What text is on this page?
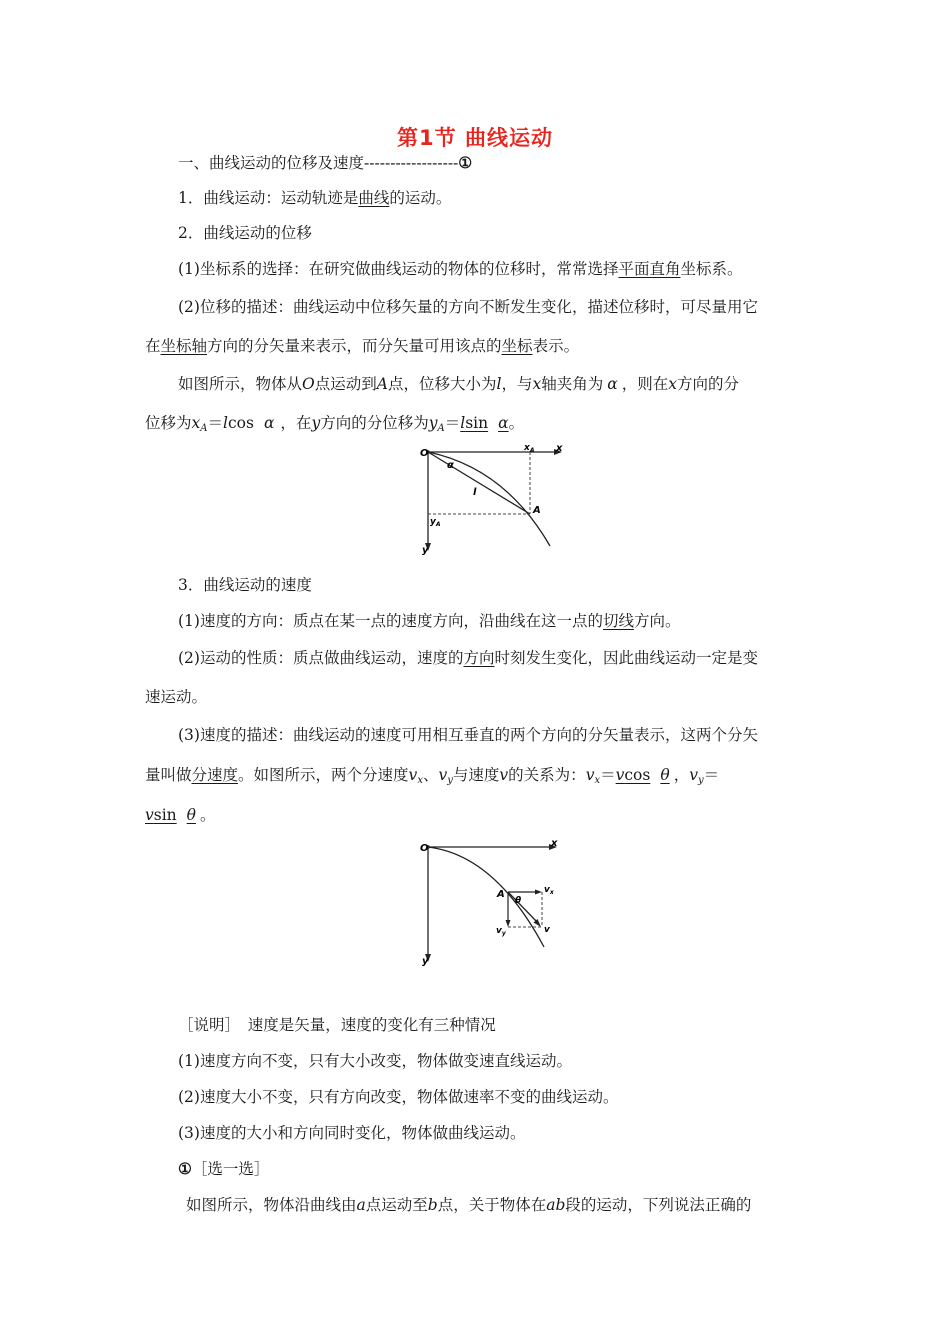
第1节 曲线运动
一、曲线运动的位移及速度------------------①
1．曲线运动：运动轨迹是曲线的运动。
2．曲线运动的位移
(1)坐标系的选择：在研究做曲线运动的物体的位移时，常常选择平面直角坐标系。
(2)位移的描述：曲线运动中位移矢量的方向不断发生变化，描述位移时，可尽量用它
在坐标轴方向的分矢量来表示，而分矢量可用该点的坐标表示。
如图所示，物体从O点运动到A点，位移大小为l，与x轴夹角为 α ，则在x方向的分
位移为$x_A=lcos$ α ，在y方向的分位移为$y_A=lsin$ α。
O	x
y
$x_A$
$y_A$
A
l
α
3．曲线运动的速度
(1)速度的方向：质点在某一点的速度方向，沿曲线在这一点的切线方向。
(2)运动的性质：质点做曲线运动，速度的方向时刻发生变化，因此曲线运动一定是变
速运动。
(3)速度的描述：曲线运动的速度可用相互垂直的两个方向的分矢量表示，这两个分矢
量叫做分速度。如图所示，两个分速度$v_x$、$v_y$与速度v的关系为：$v_x=vcos$ θ ，$v_y=$
vsin θ 。
O	x
y
A
θ
$v_x$
$v_y$	v
［说明］　速度是矢量，速度的变化有三种情况
(1)速度方向不变，只有大小改变，物体做变速直线运动。
(2)速度大小不变，只有方向改变，物体做速率不变的曲线运动。
(3)速度的大小和方向同时变化，物体做曲线运动。
①［选一选］
如图所示，物体沿曲线由a点运动至b点，关于物体在ab段的运动，下列说法正确的
